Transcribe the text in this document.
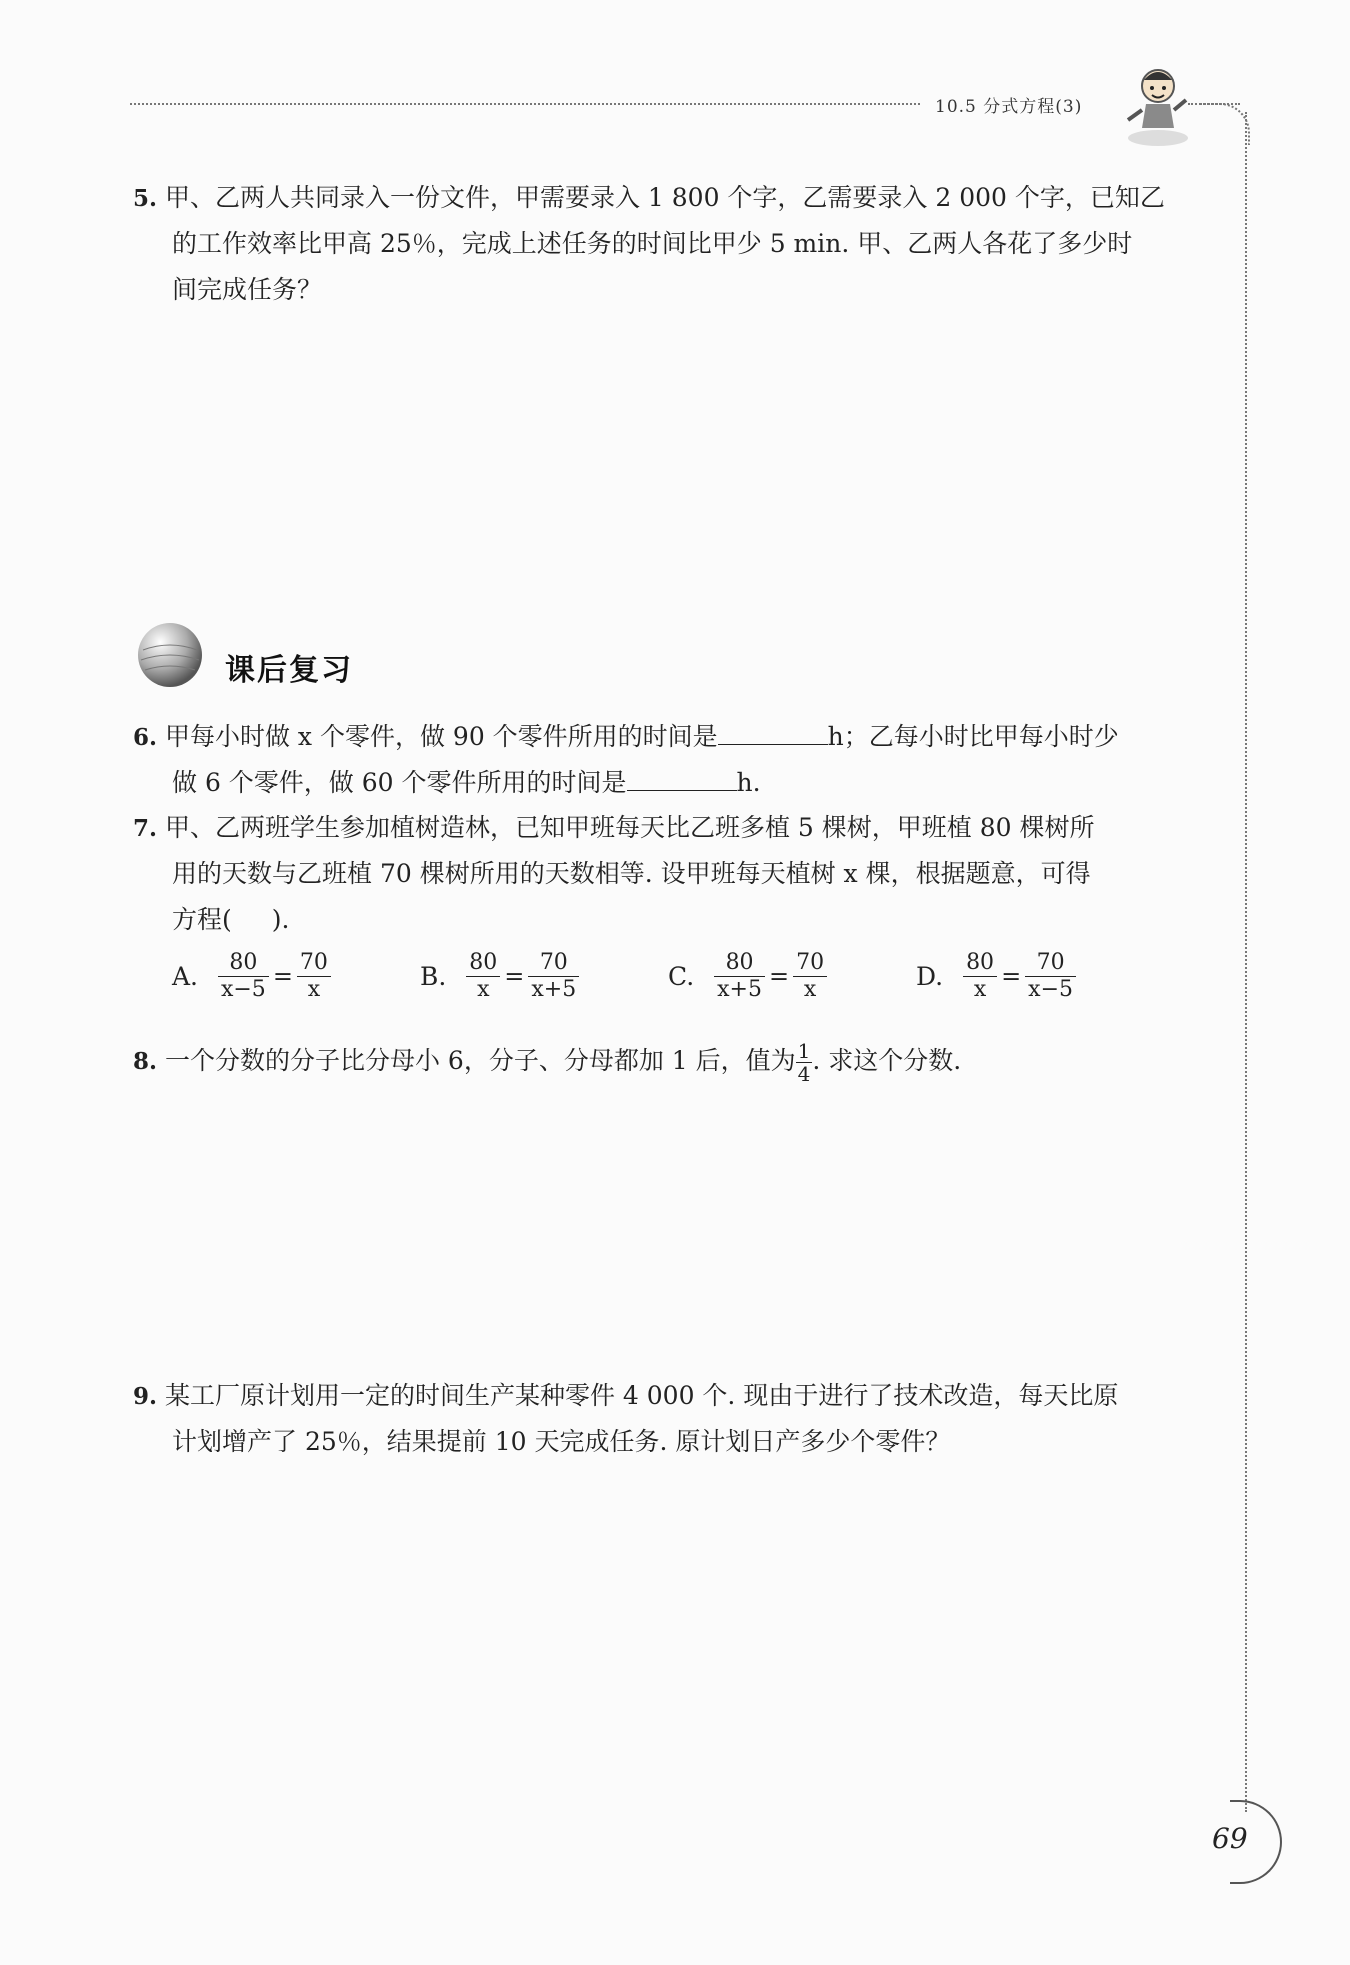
10.5 分式方程(3)
5. 甲、乙两人共同录入一份文件，甲需要录入 1 800 个字，乙需要录入 2 000 个字，已知乙
的工作效率比甲高 25％，完成上述任务的时间比甲少 5 min. 甲、乙两人各花了多少时
间完成任务？
课后复习
6. 甲每小时做 x 个零件，做 90 个零件所用的时间是	h；乙每小时比甲每小时少
做 6 个零件，做 60 个零件所用的时间是	h.
7. 甲、乙两班学生参加植树造林，已知甲班每天比乙班多植 5 棵树，甲班植 80 棵树所
用的天数与乙班植 70 棵树所用的天数相等. 设甲班每天植树 x 棵，根据题意，可得
方程( ).
A. $\frac{80}{x-5} = \frac{70}{x}$	B. $\frac{80}{x} = \frac{70}{x+5}$	C. $\frac{80}{x+5} = \frac{70}{x}$	D. $\frac{80}{x} = \frac{70}{x-5}$
8. 一个分数的分子比分母小 6，分子、分母都加 1 后，值为 $\frac{1}{4}$ . 求这个分数.
9. 某工厂原计划用一定的时间生产某种零件 4 000 个. 现由于进行了技术改造，每天比原
计划增产了 25％，结果提前 10 天完成任务. 原计划日产多少个零件？
69
